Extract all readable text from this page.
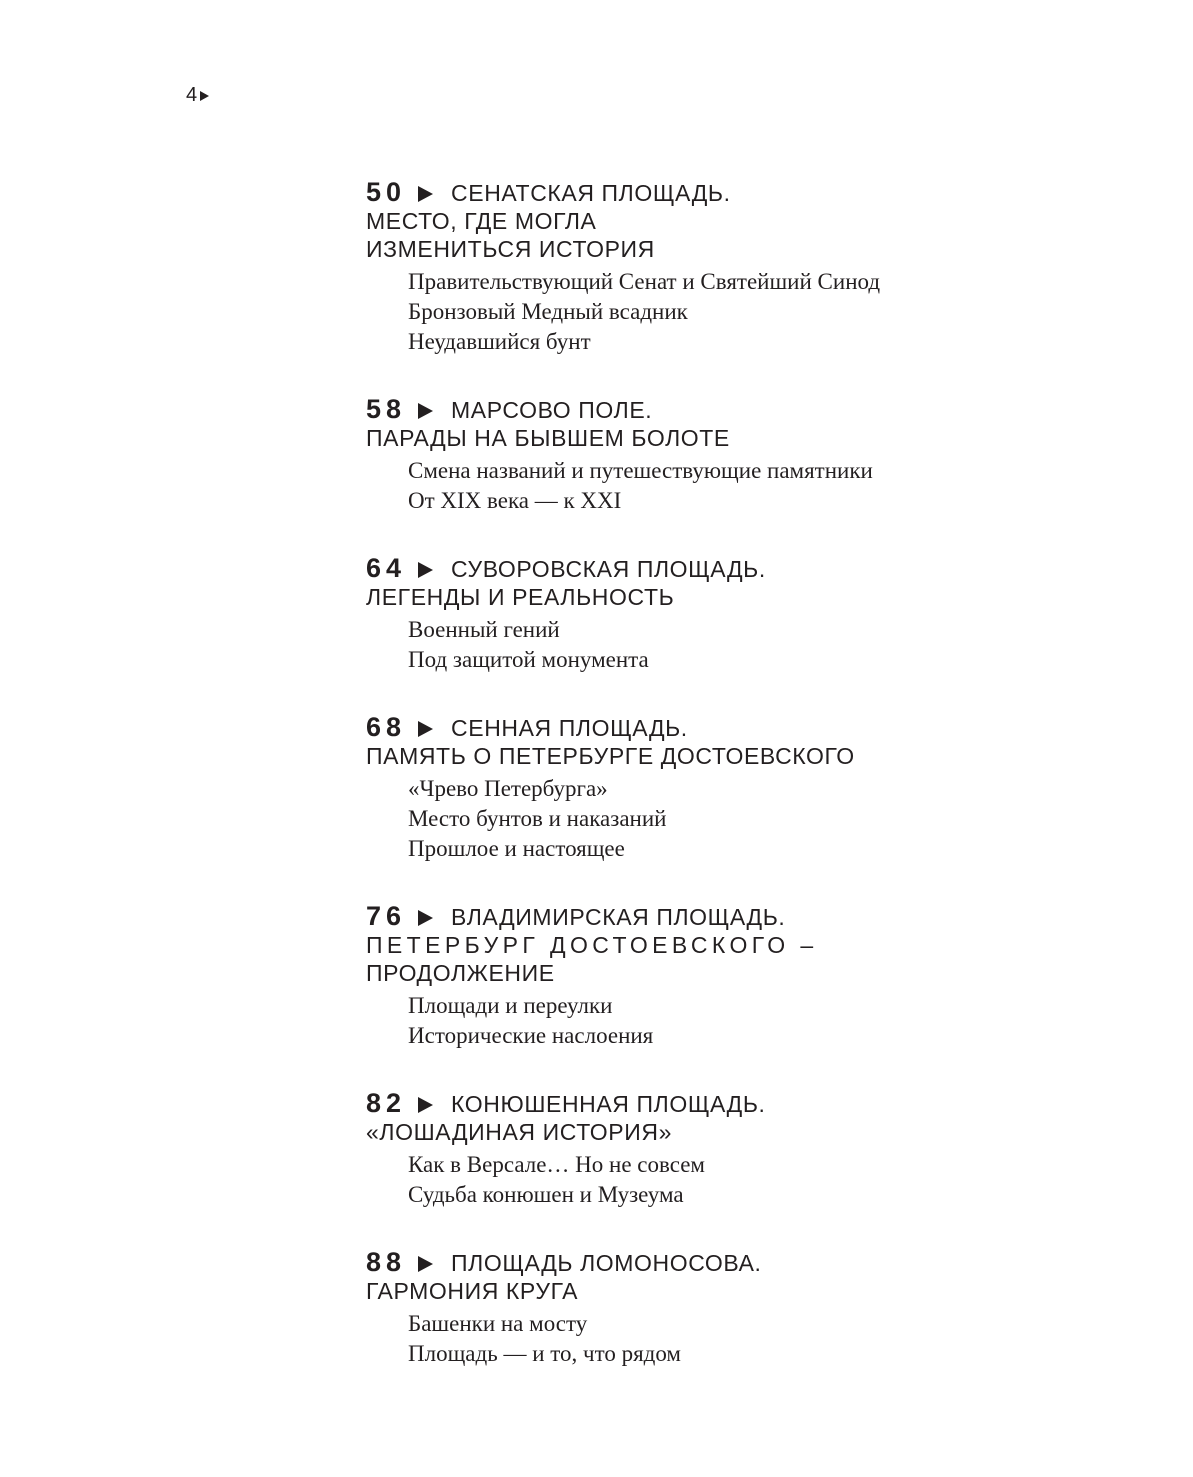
4
50 СЕНАТСКАЯ ПЛОЩАДЬ.
МЕСТО, ГДЕ МОГЛА
ИЗМЕНИТЬСЯ ИСТОРИЯ
Правительствующий Сенат и Святейший Синод
Бронзовый Медный всадник
Неудавшийся бунт
58 МАРСОВО ПОЛЕ.
ПАРАДЫ НА БЫВШЕМ БОЛОТЕ
Смена названий и путешествующие памятники
От XIX века — к XXI
64 СУВОРОВСКАЯ ПЛОЩАДЬ.
ЛЕГЕНДЫ И РЕАЛЬНОСТЬ
Военный гений
Под защитой монумента
68 СЕННАЯ ПЛОЩАДЬ.
ПАМЯТЬ О ПЕТЕРБУРГЕ ДОСТОЕВСКОГО
«Чрево Петербурга»
Место бунтов и наказаний
Прошлое и настоящее
76 ВЛАДИМИРСКАЯ ПЛОЩАДЬ.
ПЕТЕРБУРГ ДОСТОЕВСКОГО –
ПРОДОЛЖЕНИЕ
Площади и переулки
Исторические наслоения
82 КОНЮШЕННАЯ ПЛОЩАДЬ.
«ЛОШАДИНАЯ ИСТОРИЯ»
Как в Версале… Но не совсем
Судьба конюшен и Музеума
88 ПЛОЩАДЬ ЛОМОНОСОВА.
ГАРМОНИЯ КРУГА
Башенки на мосту
Площадь — и то, что рядом
